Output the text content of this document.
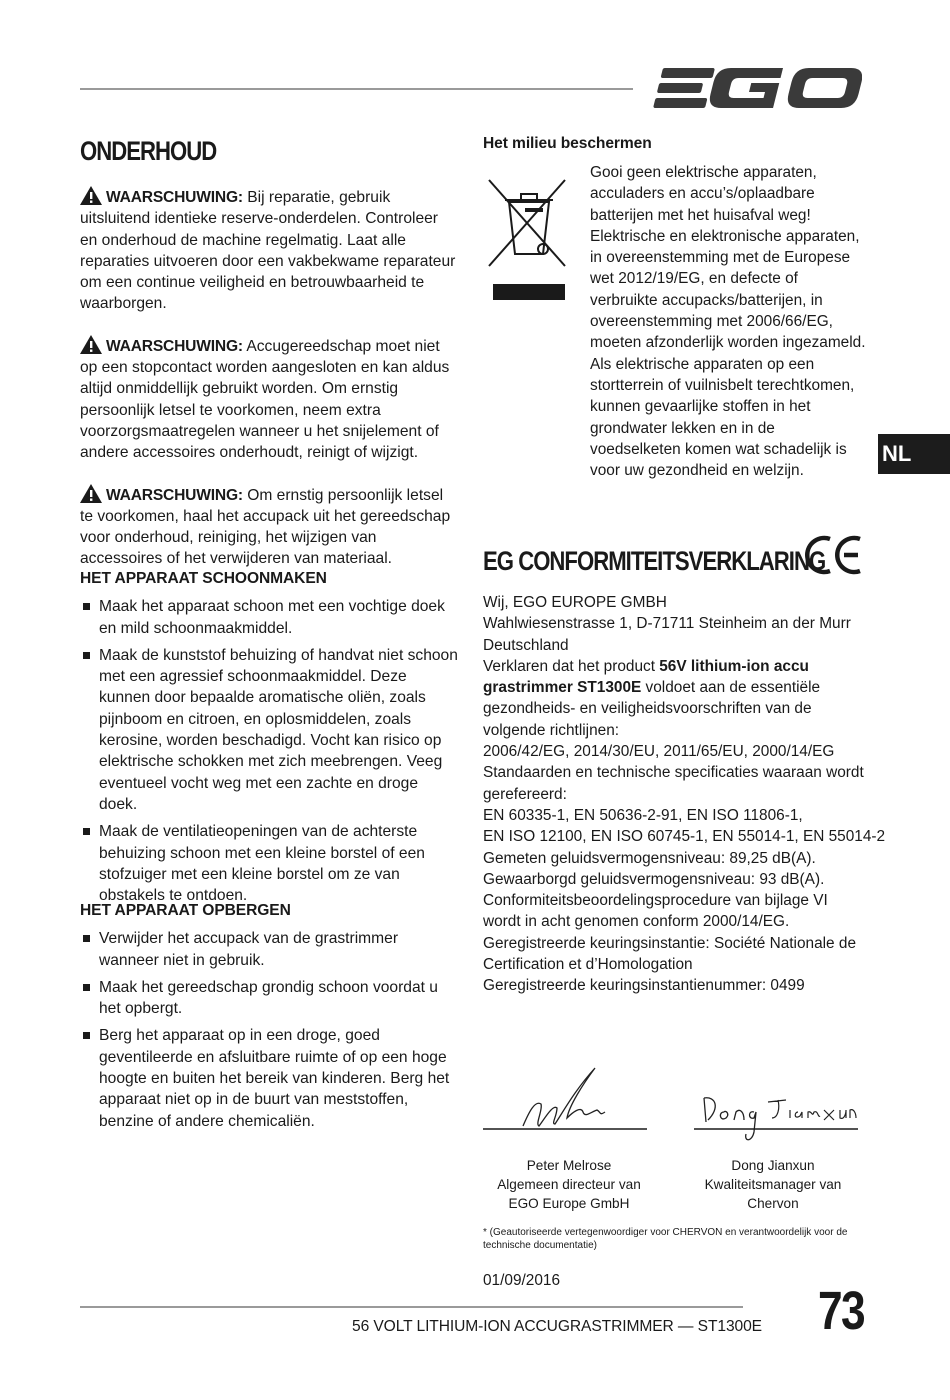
ONDERHOUD

WAARSCHUWING: Bij reparatie, gebruik uitsluitend identieke reserve-onderdelen. Controleer en onderhoud de machine regelmatig. Laat alle reparaties uitvoeren door een vakbekwame reparateur om een continue veiligheid en betrouwbaarheid te waarborgen.

WAARSCHUWING: Accugereedschap moet niet op een stopcontact worden aangesloten en kan aldus altijd onmiddellijk gebruikt worden. Om ernstig persoonlijk letsel te voorkomen, neem extra voorzorgsmaatregelen wanneer u het snijelement of andere accessoires onderhoudt, reinigt of wijzigt.

WAARSCHUWING: Om ernstig persoonlijk letsel te voorkomen, haal het accupack uit het gereedschap voor onderhoud, reiniging, het wijzigen van accessoires of het verwijderen van materiaal.

HET APPARAAT SCHOONMAKEN

Maak het apparaat schoon met een vochtige doek en mild schoonmaakmiddel.
Maak de kunststof behuizing of handvat niet schoon met een agressief schoonmaakmiddel. Deze kunnen door bepaalde aromatische oliën, zoals pijnboom en citroen, en oplosmiddelen, zoals kerosine, worden beschadigd. Vocht kan risico op elektrische schokken met zich meebrengen. Veeg eventueel vocht weg met een zachte en droge doek.
Maak de ventilatieopeningen van de achterste behuizing schoon met een kleine borstel of een stofzuiger met een kleine borstel om ze van obstakels te ontdoen.

HET APPARAAT OPBERGEN

Verwijder het accupack van de grastrimmer wanneer niet in gebruik.
Maak het gereedschap grondig schoon voordat u het opbergt.
Berg het apparaat op in een droge, goed geventileerde en afsluitbare ruimte of op een hoge hoogte en buiten het bereik van kinderen. Berg het apparaat niet op in de buurt van meststoffen, benzine of andere chemicaliën.

Het milieu beschermen

Gooi geen elektrische apparaten, acculaders en accu’s/oplaadbare batterijen met het huisafval weg!

Elektrische en elektronische apparaten, in overeenstemming met de Europese wet 2012/19/EG, en defecte of verbruikte accupacks/batterijen, in overeenstemming met 2006/66/EG, moeten afzonderlijk worden ingezameld.

Als elektrische apparaten op een stortterrein of vuilnisbelt terechtkomen, kunnen gevaarlijke stoffen in het grondwater lekken en in de voedselketen komen wat schadelijk is voor uw gezondheid en welzijn.

NL
EG CONFORMITEITSVERKLARING

Wij, EGO EUROPE GMBH

Wahlwiesenstrasse 1, D-71711 Steinheim an der Murr Deutschland

Verklaren dat het product 56V lithium-ion accu grastrimmer ST1300E voldoet aan de essentiële gezondheids- en veiligheidsvoorschriften van de volgende richtlijnen:

2006/42/EG, 2014/30/EU, 2011/65/EU, 2000/14/EG

Standaarden en technische specificaties waaraan wordt gerefereerd:

EN 60335-1, EN 50636-2-91, EN ISO 11806-1,

EN ISO 12100, EN ISO 60745-1, EN 55014-1, EN 55014-2

Gemeten geluidsvermogensniveau: 89,25 dB(A).

Gewaarborgd geluidsvermogensniveau: 93 dB(A).

Conformiteitsbeoordelingsprocedure van bijlage VI wordt in acht genomen conform 2000/14/EG.

Geregistreerde keuringsinstantie: Société Nationale de Certification et d’Homologation

Geregistreerde keuringsinstantienummer: 0499

Peter Melrose
Algemeen directeur van
EGO Europe GmbH
Dong Jianxun
Kwaliteitsmanager van
Chervon
* (Geautoriseerde vertegenwoordiger voor CHERVON en verantwoordelijk voor de technische documentatie)
01/09/2016
56 VOLT LITHIUM-ION ACCUGRASTRIMMER — ST1300E 73
